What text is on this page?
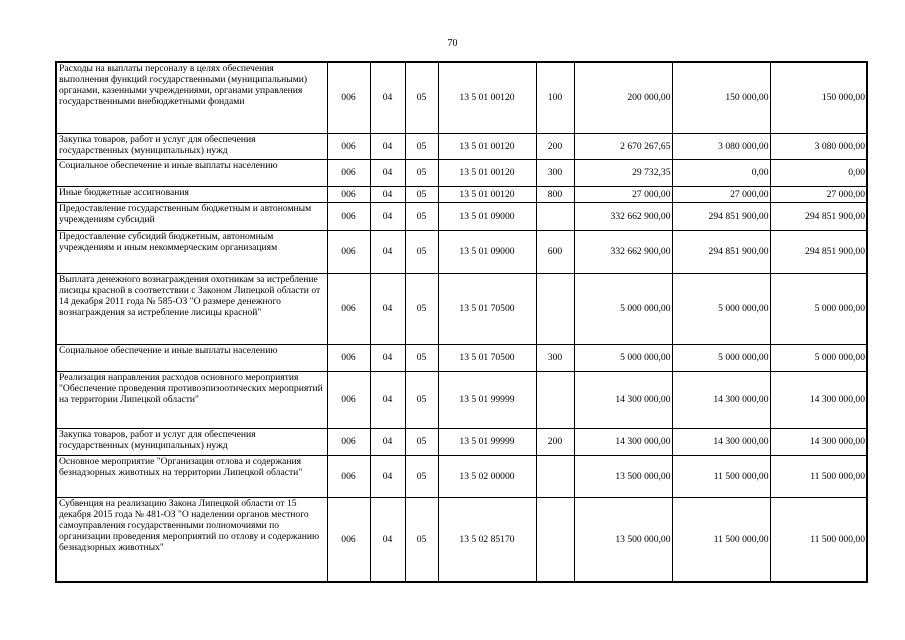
70
Расходы на выплаты персоналу в целях обеспечения выполнения функций государственными (муниципальными) органами, казенными учреждениями, органами управления государственными внебюджетными фондами	006	04	05	13 5 01 00120	100	200 000,00	150 000,00	150 000,00
Закупка товаров, работ и услуг для обеспечения государственных (муниципальных) нужд	006	04	05	13 5 01 00120	200	2 670 267,65	3 080 000,00	3 080 000,00
Социальное обеспечение и иные выплаты населению	006	04	05	13 5 01 00120	300	29 732,35	0,00	0,00
Иные бюджетные ассигнования	006	04	05	13 5 01 00120	800	27 000,00	27 000,00	27 000,00
Предоставление государственным бюджетным и автономным учреждениям субсидий	006	04	05	13 5 01 09000		332 662 900,00	294 851 900,00	294 851 900,00
Предоставление субсидий бюджетным, автономным учреждениям и иным некоммерческим организациям	006	04	05	13 5 01 09000	600	332 662 900,00	294 851 900,00	294 851 900,00
Выплата денежного вознаграждения охотникам за истребление лисицы красной в соответствии с Законом Липецкой области от 14 декабря 2011 года № 585-ОЗ "О размере денежного вознаграждения за истребление лисицы красной"	006	04	05	13 5 01 70500		5 000 000,00	5 000 000,00	5 000 000,00
Социальное обеспечение и иные выплаты населению	006	04	05	13 5 01 70500	300	5 000 000,00	5 000 000,00	5 000 000,00
Реализация направления расходов основного мероприятия "Обеспечение проведения противоэпизоотических мероприятий на территории Липецкой области"	006	04	05	13 5 01 99999		14 300 000,00	14 300 000,00	14 300 000,00
Закупка товаров, работ и услуг для обеспечения государственных (муниципальных) нужд	006	04	05	13 5 01 99999	200	14 300 000,00	14 300 000,00	14 300 000,00
Основное мероприятие "Организация отлова и содержания безнадзорных животных на территории Липецкой области"	006	04	05	13 5 02 00000		13 500 000,00	11 500 000,00	11 500 000,00
Субвенция на реализацию Закона Липецкой области от 15 декабря 2015 года № 481-ОЗ "О наделении органов местного самоуправления государственными полномочиями по организации проведения мероприятий по отлову и содержанию безнадзорных животных"	006	04	05	13 5 02 85170		13 500 000,00	11 500 000,00	11 500 000,00
